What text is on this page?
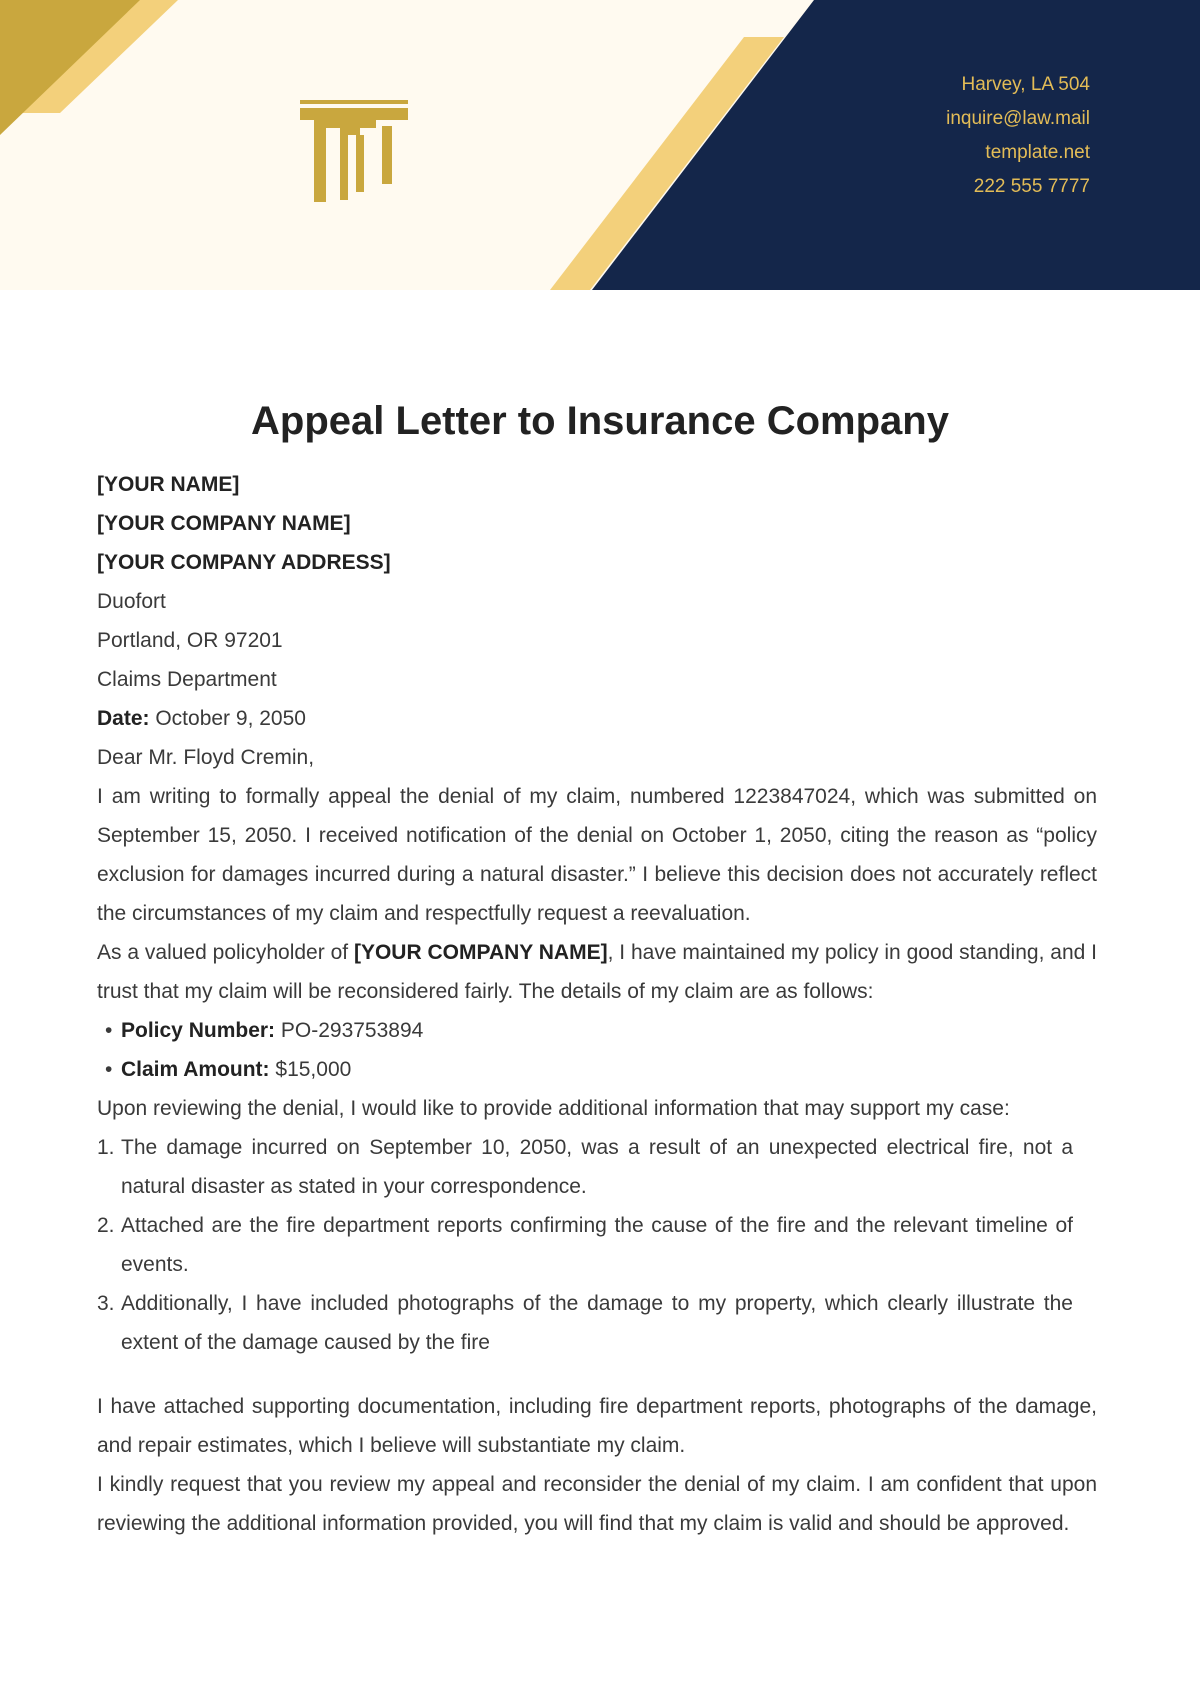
Harvey, LA 504
inquire@law.mail
template.net
222 555 7777
Appeal Letter to Insurance Company

[YOUR NAME]

[YOUR COMPANY NAME]

[YOUR COMPANY ADDRESS]

Duofort

Portland, OR 97201

Claims Department

Date: October 9, 2050

Dear Mr. Floyd Cremin,

I am writing to formally appeal the denial of my claim, numbered 1223847024, which was submitted on September 15, 2050. I received notification of the denial on October 1, 2050, citing the reason as “policy exclusion for damages incurred during a natural disaster.” I believe this decision does not accurately reflect the circumstances of my claim and respectfully request a reevaluation.

As a valued policyholder of [YOUR COMPANY NAME], I have maintained my policy in good standing, and I trust that my claim will be reconsidered fairly. The details of my claim are as follows:

• Policy Number: PO-293753894
• Claim Amount: $15,000

Upon reviewing the denial, I would like to provide additional information that may support my case:

1. The damage incurred on September 10, 2050, was a result of an unexpected electrical fire, not a natural disaster as stated in your correspondence.
2. Attached are the fire department reports confirming the cause of the fire and the relevant timeline of events.
3. Additionally, I have included photographs of the damage to my property, which clearly illustrate the extent of the damage caused by the fire

I have attached supporting documentation, including fire department reports, photographs of the damage, and repair estimates, which I believe will substantiate my claim.

I kindly request that you review my appeal and reconsider the denial of my claim. I am confident that upon reviewing the additional information provided, you will find that my claim is valid and should be approved.
